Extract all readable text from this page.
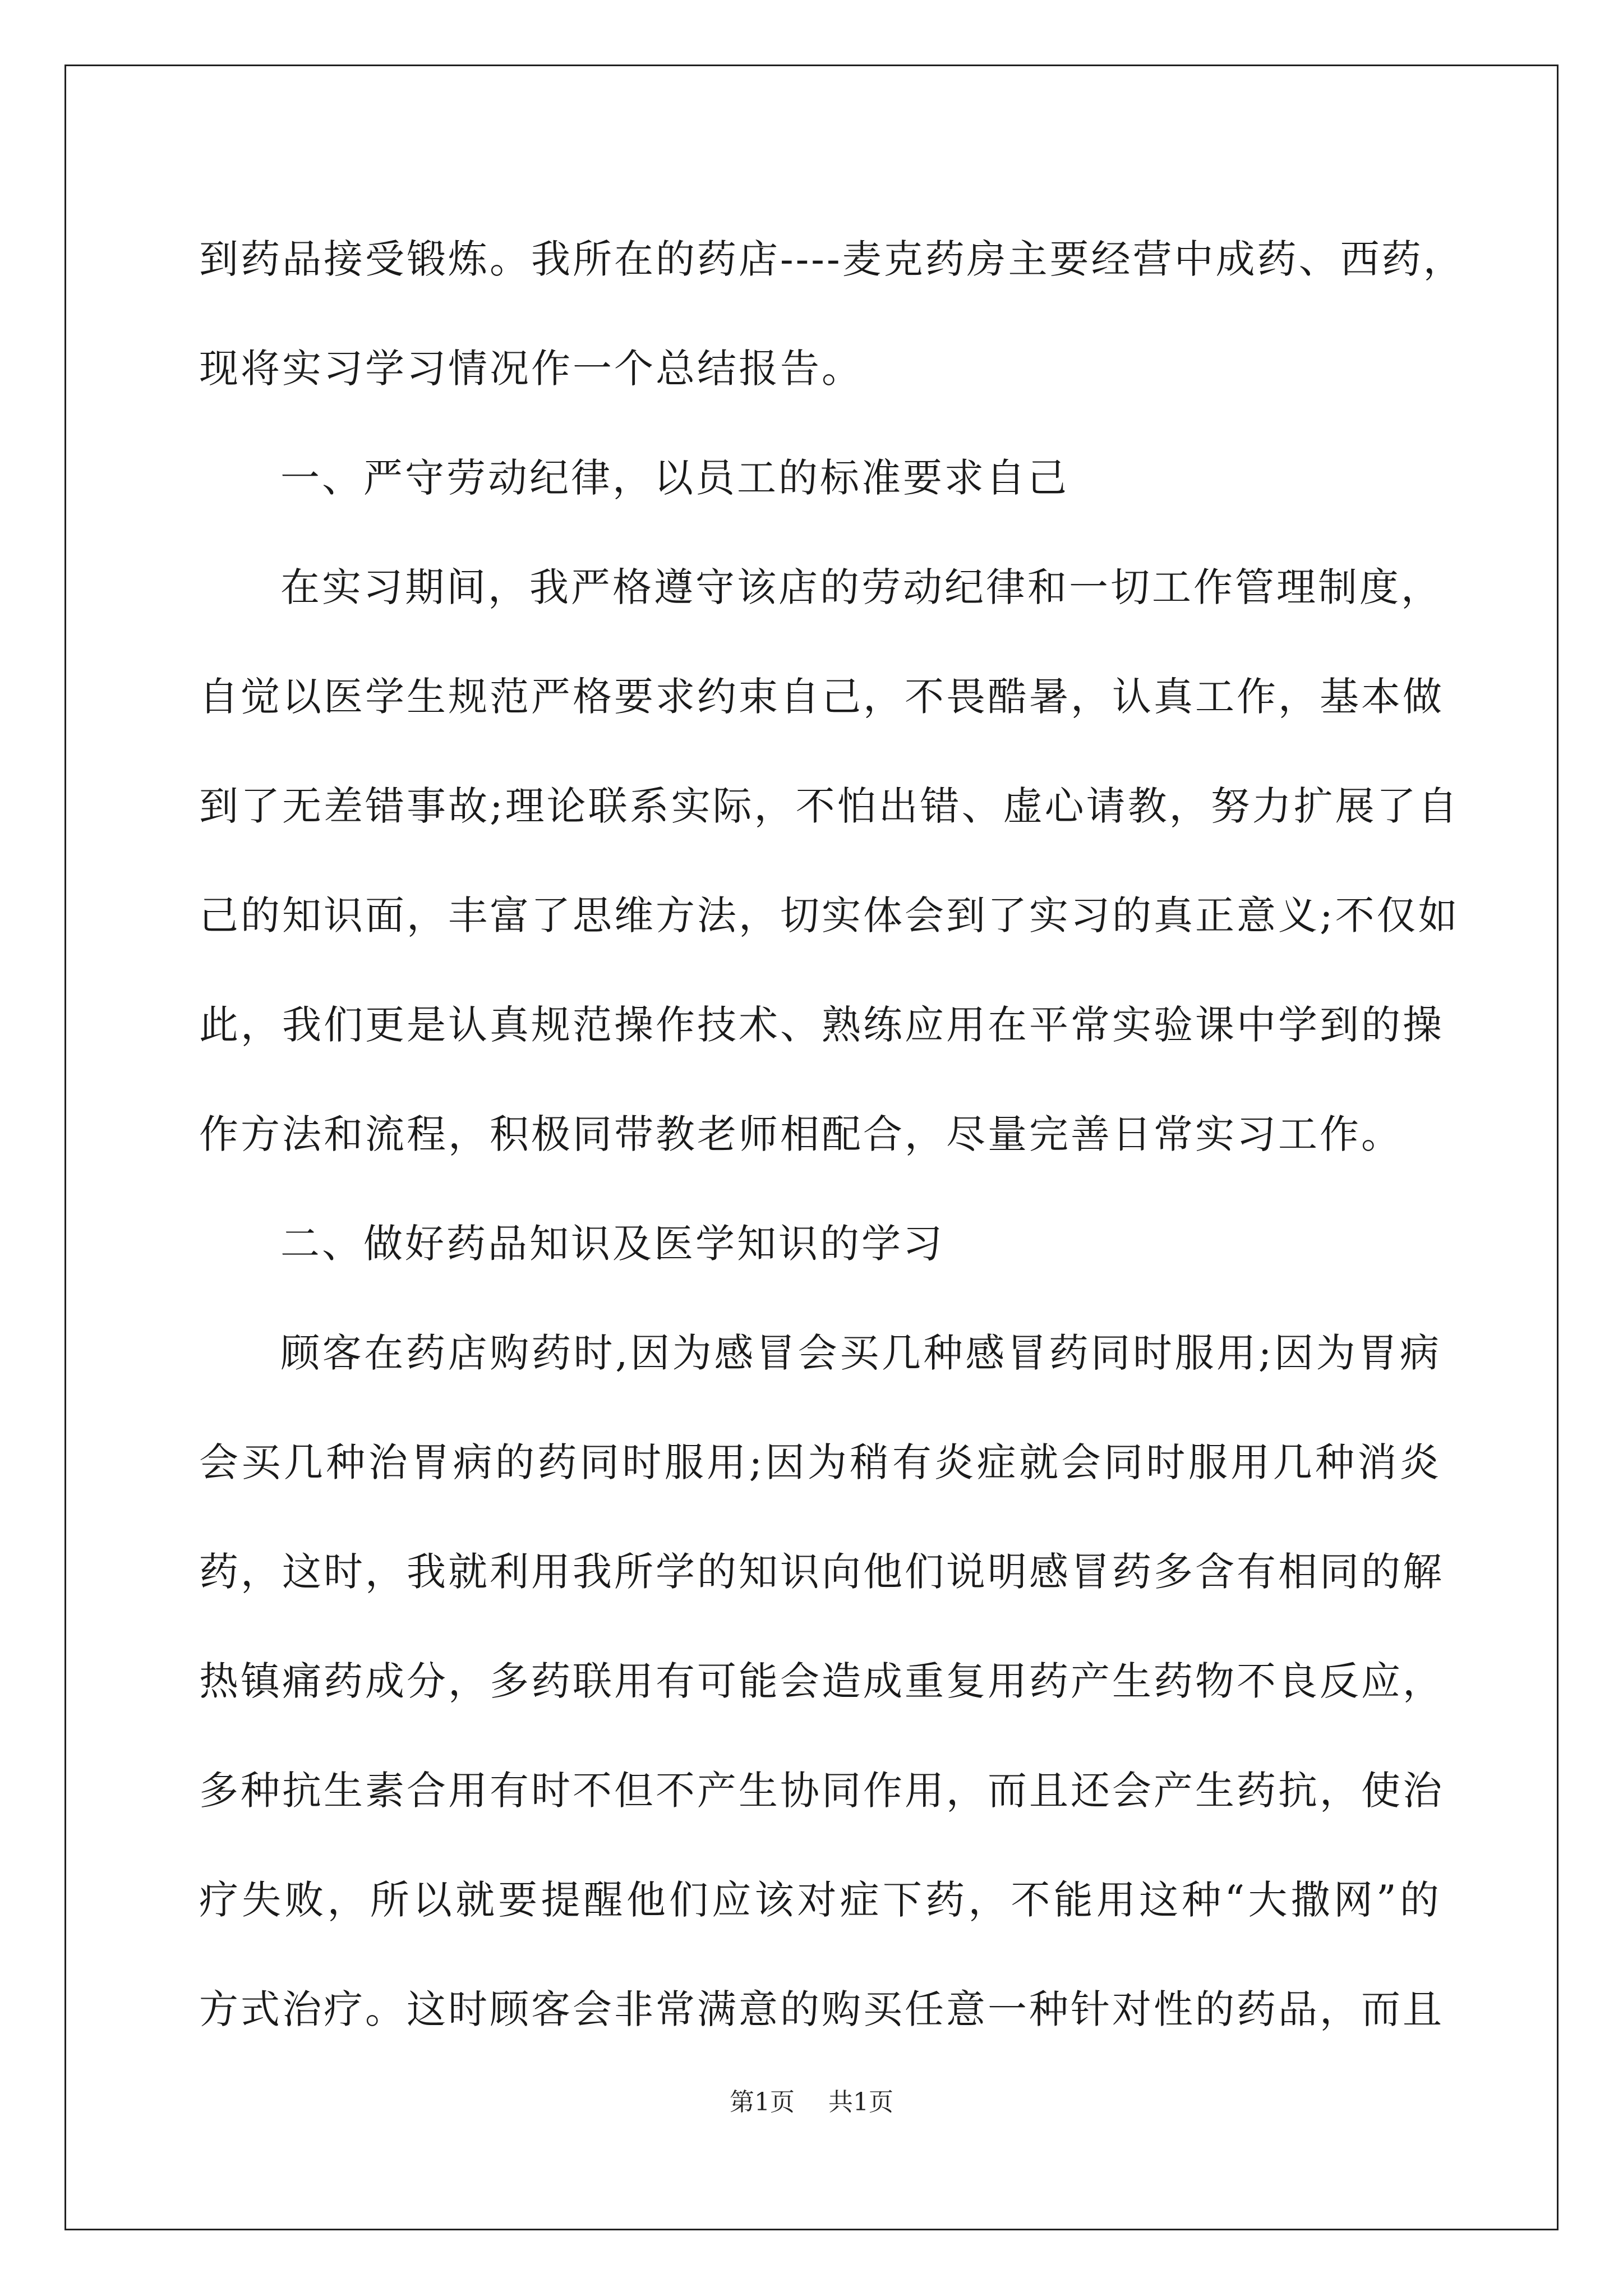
到药品接受锻炼。我所在的药店----麦克药房主要经营中成药、西药，
现将实习学习情况作一个总结报告。
一、严守劳动纪律，以员工的标准要求自己
在实习期间，我严格遵守该店的劳动纪律和一切工作管理制度，
自觉以医学生规范严格要求约束自己，不畏酷暑，认真工作，基本做
到了无差错事故;理论联系实际，不怕出错、虚心请教，努力扩展了自
己的知识面，丰富了思维方法，切实体会到了实习的真正意义;不仅如
此，我们更是认真规范操作技术、熟练应用在平常实验课中学到的操
作方法和流程，积极同带教老师相配合，尽量完善日常实习工作。
二、做好药品知识及医学知识的学习
顾客在药店购药时,因为感冒会买几种感冒药同时服用;因为胃病
会买几种治胃病的药同时服用;因为稍有炎症就会同时服用几种消炎
药，这时，我就利用我所学的知识向他们说明感冒药多含有相同的解
热镇痛药成分，多药联用有可能会造成重复用药产生药物不良反应，
多种抗生素合用有时不但不产生协同作用，而且还会产生药抗，使治
疗失败，所以就要提醒他们应该对症下药，不能用这种“大撒网”的
方式治疗。这时顾客会非常满意的购买任意一种针对性的药品，而且
第1页 共1页
